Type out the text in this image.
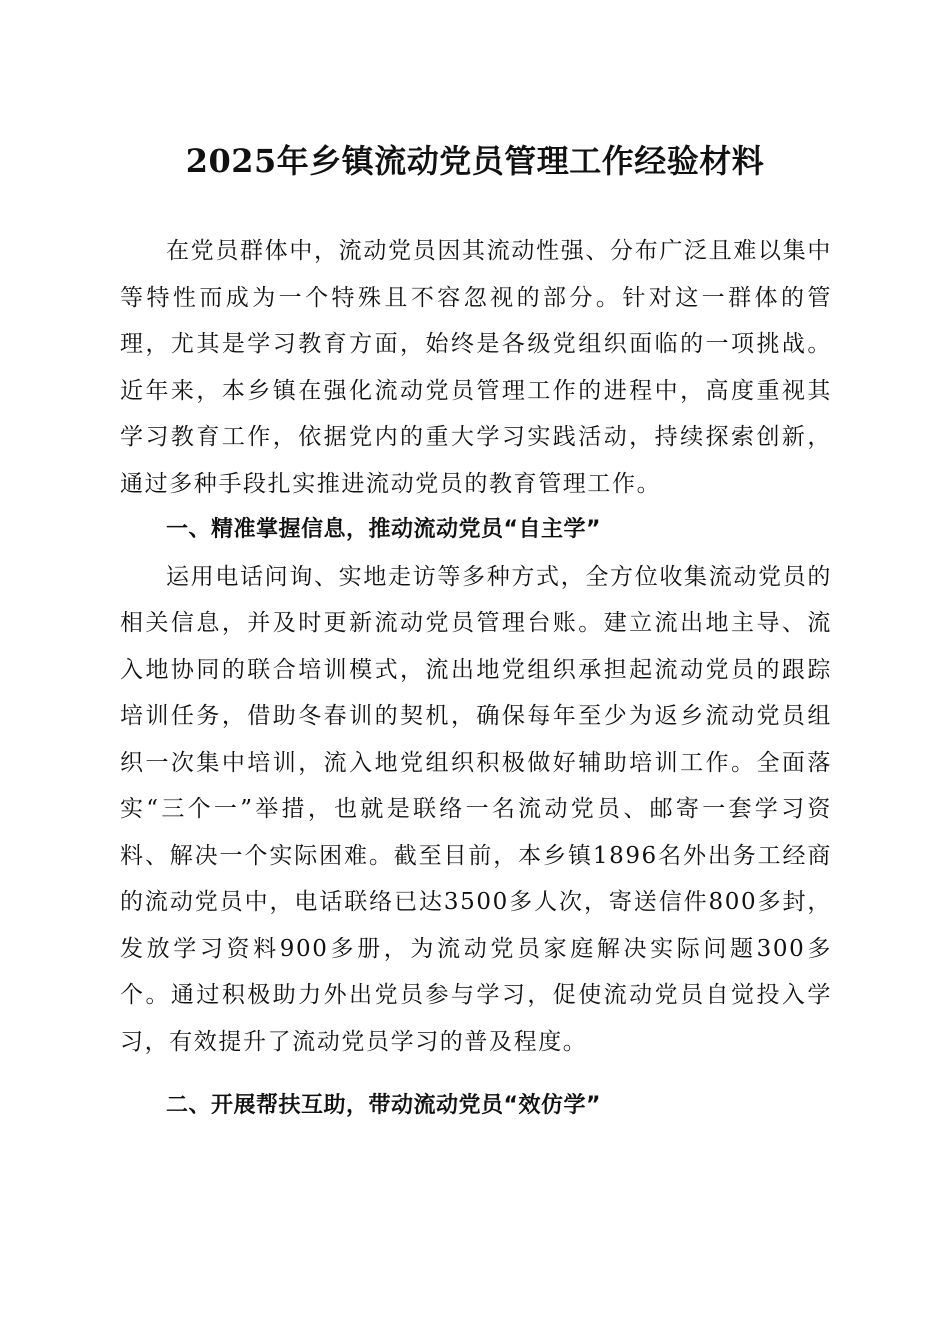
2025年乡镇流动党员管理工作经验材料

在党员群体中，流动党员因其流动性强、分布广泛且难以集中等特性而成为一个特殊且不容忽视的部分。针对这一群体的管理，尤其是学习教育方面，始终是各级党组织面临的一项挑战。近年来，本乡镇在强化流动党员管理工作的进程中，高度重视其学习教育工作，依据党内的重大学习实践活动，持续探索创新，通过多种手段扎实推进流动党员的教育管理工作。

一、精准掌握信息，推动流动党员“自主学”

运用电话问询、实地走访等多种方式，全方位收集流动党员的相关信息，并及时更新流动党员管理台账。建立流出地主导、流入地协同的联合培训模式，流出地党组织承担起流动党员的跟踪培训任务，借助冬春训的契机，确保每年至少为返乡流动党员组织一次集中培训，流入地党组织积极做好辅助培训工作。全面落实“三个一”举措，也就是联络一名流动党员、邮寄一套学习资料、解决一个实际困难。截至目前，本乡镇1896名外出务工经商的流动党员中，电话联络已达3500多人次，寄送信件800多封，发放学习资料900多册，为流动党员家庭解决实际问题300多个。通过积极助力外出党员参与学习，促使流动党员自觉投入学习，有效提升了流动党员学习的普及程度。

二、开展帮扶互助，带动流动党员“效仿学”
